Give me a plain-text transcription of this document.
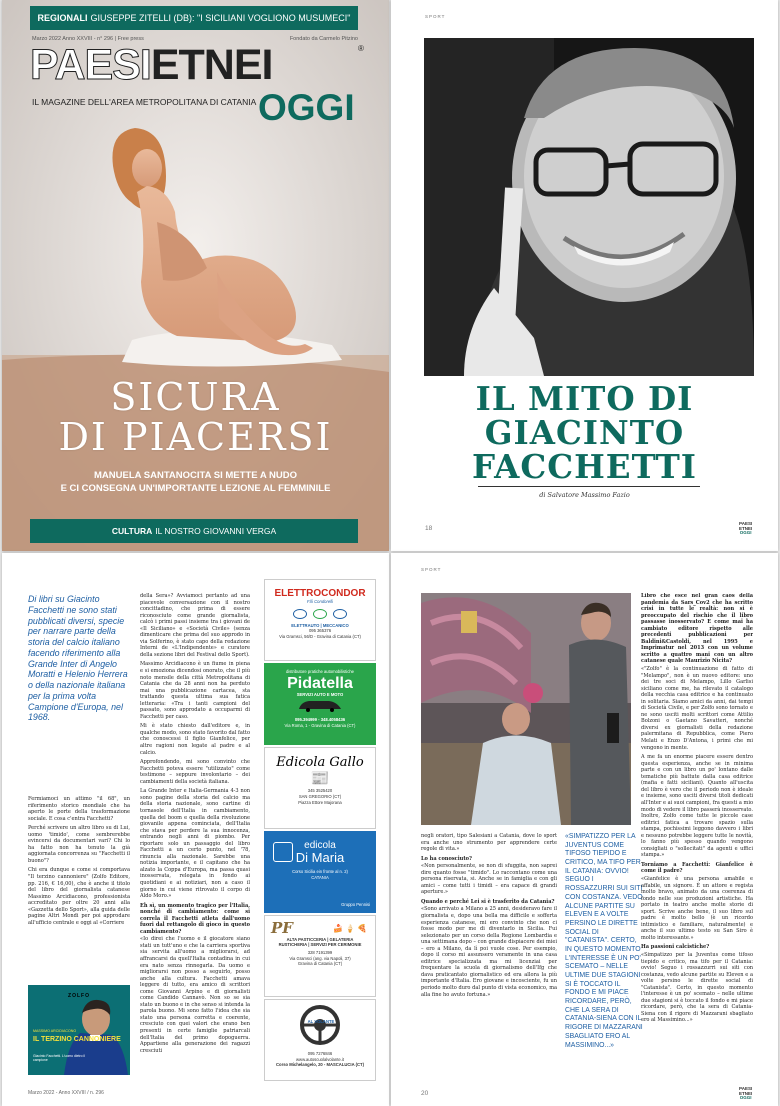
REGIONALI GIUSEPPE ZITELLI (DB): "I SICILIANI VOGLIONO MUSUMECI"
Marzo 2022 Anno XXVIII - n° 296 | Free press	Fondato da Carmelo Pitzino
PAESIETNEI	®
IL MAGAZINE DELL'AREA METROPOLITANA DI CATANIA OGGI
SICURA
DI PIACERSI
MANUELA SANTANOCITA SI METTE A NUDO
E CI CONSEGNA UN'IMPORTANTE LEZIONE AL FEMMINILE
CULTURA IL NOSTRO GIOVANNI VERGA
SPORT
IL MITO DI
GIACINTO
FACCHETTI
di Salvatore Massimo Fazio
18
PAESI
ETNEI
OGGI
Di libri su Giacinto Facchetti ne sono stati pubblicati diversi, specie per narrare parte della storia del calcio italiano facendo riferimento alla Grande Inter di Angelo Moratti e Helenio Herrera o della nazionale italiana per la prima volta Campione d'Europa, nel 1968.

Fermiamoci un attimo "il 68", un riferimento storico mondiale che ha aperto le porte della trasformazione sociale. E cosa c'entra Facchetti?

Perché scrivere un altro libro su di Lui, uomo 'timido', come sembrerebbe evincersi da documentari vari? Chi lo ha fatto non ha tenuto la già aggiornata concorrenza su "Facchetti il buono"?

Chi era dunque e come si comportava "Il terzino cannoniere" (Zolfo Editore, pp. 216, € 16,00), che è anche il titolo del libro del giornalista catanese Massimo Arcidiacono, professionista accreditato per oltre 20 anni alla «Gazzetta dello Sport», alla guida delle pagine Altri Mondi per poi approdare all'ufficio centrale e oggi al «Corriere

ZOLFO
MASSIMO ARCIDIACONO
IL TERZINO CANNONIERE
Giacinto Facchetti. L'uomo dietro il campione

della Sera»? Avviamoci pertanto ad una piacevole conversazione con il nostro concittadino, che prima di essere riconosciuto come grande giornalista, calcò i primi passi insieme tra i giovani de «Il Siciliano» e «Società Civile» (senza dimenticare che prima del suo approdo in via Solferino, è stato capo della redazione Interni de «L'Indipendente» e curatore della sezione libri del Festival dello Sport).

Massimo Arcidiacono è un fiume in piena e si emoziona dicendosi onorato, che il più noto mensile della città Metropolitana di Catania che da 28 anni non ha perduto mai una pubblicazione cartacea, sta trattando questa ultima sua fatica letteraria: «Tra i tanti campioni del passato, sono approdato a occuparmi di Facchetti per caso.

Mi è stato chiesto dall'editore e, in qualche modo, sono stato favorito dal fatto che conoscessi il figlio Gianfelice, per altre ragioni non legate al padre e al calcio.

Approfondendo, mi sono convinto che Facchetti poteva essere "utilizzato" come testimone – seppure involontario – dei cambiamenti della società italiana.

La Grande Inter e Italia-Germania 4-3 non sono pagine della storia del calcio ma della storia nazionale, sono cartine di tornasole dell'Italia in cambiamento, quella del boom e quella della rivoluzione giovanile appena cominciata, dell'Italia che stava per perdere la sua innocenza, entrando negli anni di piombo. Per riportare solo un passaggio del libro Facchetti a un certo punto, nel '78, rinuncia alla nazionale. Sarebbe una notizia importante, e il capitano che ha alzato la Coppa d'Europa, ma passa quasi inosservata, relegata in fondo ai quotidiani e ai notiziari, non a caso il giorno in cui viene ritrovato il corpo di Aldo Moro.»

Eh sì, un momento tragico per l'Italia, nonché di cambiamento: come si correla il Facchetti atleta dall'uomo fuori dal rettangolo di gioco in questo cambiamento?

«Io direi che l'uomo e il giocatore siano stati un tutt'uno e che la carriera sportiva sia servita all'uomo a migliorarsi, ad affrancarsi da quell'Italia contadina in cui era nato senza rinnegarla. Da uomo e migliorarsi non posso a seguirlo, posso anche alla cultura. Facchetti amava leggere di tutto, era amico di scrittori come Giovanni Arpino e di giornalisti come Candido Cannavò. Non so se sia stato un buono e in che senso si intenda la parola buono. Mi sono fatto l'idea che sia stato una persona corretta e coerente, cresciuto con quei valori che erano ben presenti in certe famiglie patriarcali dell'Italia del primo dopoguerra. Appartiene alla generazione dei ragazzi cresciuti

Marzo 2022 - Anno XXVIII / n. 296
ELETTROCONDOR
F.lli Condorelli
ELETTRAUTO | MECCANICO
095 365376
Via Gramsci, 56/D - Gravina di Catania (CT)
distributore pratiche automobilistiche
Pidatella
SERVIZI AUTO E MOTO
095.394999 - 348.4058436
Via Roma, 1 - Gravina di Catania (CT)
Edicola Gallo
📰
345 3525420
SAN GREGORIO (CT)
Piazza Ettore Majorana
edicola
Di Maria
Corso Sicilia ein fronte al n. 2)
CATANIA
Gruppo Pennisi
PF	🍰🍦🍕
ALTA PASTICCERIA | GELATERIA
RUSTICHERIA | SERVIZI PER CERIMONIE
328 7191399
Via Gramsci (ang. via Napoli, 37)
Gravina di Catania (CT)
AL VOLANTE
095 7276846
www.autoscuolalvolante.it
Corso Michelangelo, 20 - MASCALUCIA (CT)
SPORT

negli oratori, tipo Salesiani a Catania, dove lo sport era anche uno strumento per apprendere certe regole di vita.»

Lo ha conosciuto?

«Non personalmente, se non di sfuggita, non saprei dire quanto fosse "timido". Lo raccontano come una persona riservata, si. Anche se in famiglia e con gli amici – come tutti i timidi – era capace di grandi aperture.»

Quando e perché Lei si è trasferito da Catania?

«Sono arrivato a Milano a 25 anni, desideravo fare il giornalista e, dopo una bella ma difficile e sofferta esperienza catanese, mi ero convinto che non ci fosse modo per me di diventarlo in Sicilia. Fui selezionato per un corso della Regione Lombardia e una settimana dopo – con grande dispiacere dei miei – ero a Milano, da lì poi vuole cose. Per esempio, dopo il corso mi assunsero veramente in una casa editrice specializzata ma mi licenziai per frequentare la scuola di giornalismo dell'Ifg che dava praticantato giornalistico ed era allora la più importante d'Italia. Ero giovane e incosciente, fu un periodo molto duro dal punto di vista economico, ma alla fine ho avuto fortuna.»

«SIMPATIZZO PER LA JUVENTUS COME TIFOSO TIEPIDO E CRITICO, MA TIFO PER IL CATANIA: OVVIO! SEGUO I ROSSAZZURRI SUI SITI CON COSTANZA. VEDO ALCUNE PARTITE SU ELEVEN E A VOLTE PERSINO LE DIRETTE SOCIAL DI "CATANISTA". CERTO, IN QUESTO MOMENTO L'INTERESSE È UN PO' SCEMATO – NELLE ULTIME DUE STAGIONI SI È TOCCATO IL FONDO E MI PIACE RICORDARE, PERÒ, CHE LA SERA DI CATANIA-SIENA CON IL RIGORE DI MAZZARANI SBAGLIATO ERO AL MASSIMINO...»

Libro che esce nel gran caos della pandemia da Sars_Cov2 che ha scritto crisi in tutte le realtà: non si è preoccupato del rischio che il libro passasse inosservato? E come mai ha cambiato editore rispetto alle precedenti pubblicazioni per Baldini&Castoldi, nel 1995 e Imprimatur nel 2013 con un volume scritto a quattro mani con un altro catanese quale Maurizio Nicita?

«"Zolfo" è la continuazione di fatto di "Melampo", non è un nuovo editore: uno dei tre soci di Melampo, Lillo Garlisi siciliano come me, ha rilevato il catalogo della vecchia casa editrice e ha continuato in solitaria. Siamo amici da anni, dai tempi di Società Civile, e per Zolfo sono tornato e ne sono usciti molti scrittori come Attilio Bolzoni o Gaetano Savatteri, nonché diversi ex giornalisti della redazione palermitana di Repubblica, come Piero Melati e Enzo D'Antona, i primi che mi vengono in mente.

A me fa un enorme piacere essere dentro questa esperienza, anche se in minima parte e con un libro un po' lontano dalle tematiche più battute dalla casa editrice (mafia e fatti siciliani). Quanto all'uscita del libro è vero che il periodo non è ideale e insieme, sono usciti diversi titoli dedicati all'Inter e ai suoi campioni, fra questi a mio modo di vedere il libro passerà inosservato. Inoltre, Zolfo come tutte le piccole case editrici fatica a trovare spazio sulla stampa, pochissimi leggono davvero i libri e nessuno potrebbe leggere tutte le novità, lo fanno più spesso quando vengono consigliati o "sollecitati" da agenti e uffici stampa.»

Torniamo a Facchetti: Gianfelice è come il padre?

«Gianfelice è una persona amabile e affabile, un signore. È un attore e regista molto bravo, animato da una coerenza di fondo nelle sue produzioni artistiche. Ha portato in teatro anche molte storie di sport. Scrive anche bene, il suo libro sul padre è molto bello (è un ricordo intimistico e familiare, naturalmente) e anche il suo ultimo testo su San Siro è molto interessante.»

Ha passioni calcistiche?

«Simpatizzo per la Juventus come tifoso tiepido e critico, ma tifo per il Catania: ovvio! Seguo i rossazzurri sui siti con costanza, vedo alcune partite su Eleven e a volte persino le dirette social di "Catanista". Certo, in questo momento l'interesse è un po' scemato – nelle ultime due stagioni si è toccato il fondo e mi piace ricordare, però, che la sera di Catania-Siena con il rigore di Mazzarani sbagliato ero al Massimino...»

20
PAESI
ETNEI
OGGI
